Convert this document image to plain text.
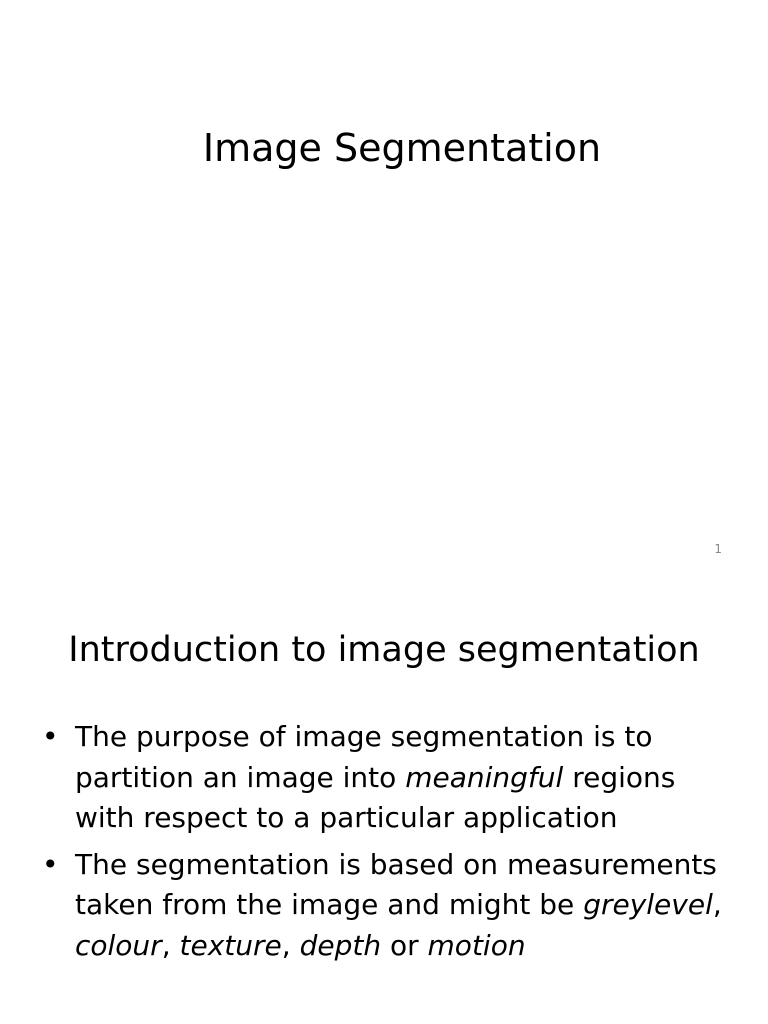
Image Segmentation
1
Introduction to image segmentation
• The purpose of image segmentation is to partition an image into meaningful regions with respect to a particular application
• The segmentation is based on measurements taken from the image and might be greylevel, colour, texture, depth or motion
